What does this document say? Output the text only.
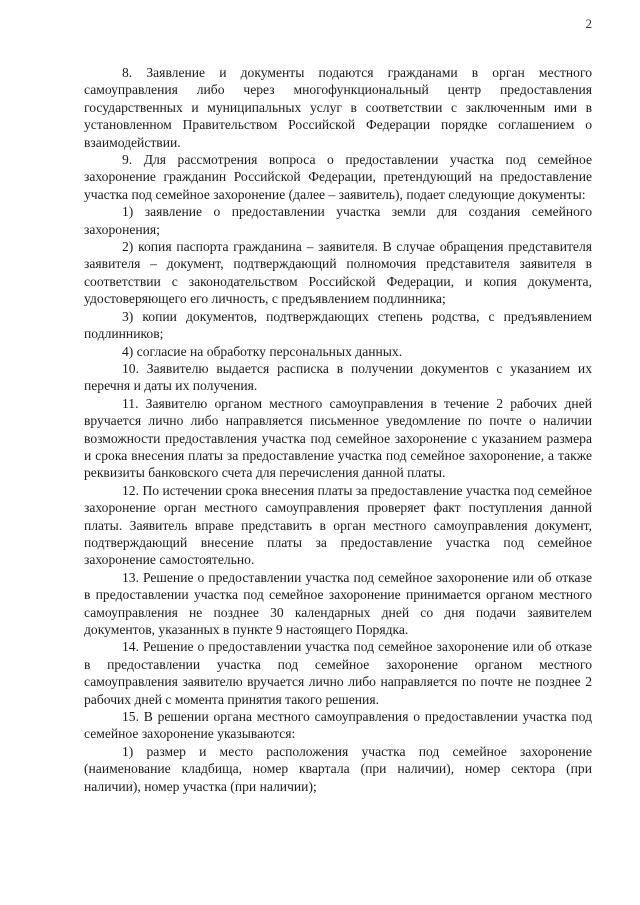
2

8. Заявление и документы подаются гражданами в орган местного самоуправления либо через многофункциональный центр предоставления государственных и муниципальных услуг в соответствии с заключенным ими в установленном Правительством Российской Федерации порядке соглашением о взаимодействии.

9. Для рассмотрения вопроса о предоставлении участка под семейное захоронение гражданин Российской Федерации, претендующий на предоставление участка под семейное захоронение (далее – заявитель), подает следующие документы:

1) заявление о предоставлении участка земли для создания семейного захоронения;

2) копия паспорта гражданина – заявителя. В случае обращения представителя заявителя – документ, подтверждающий полномочия представителя заявителя в соответствии с законодательством Российской Федерации, и копия документа, удостоверяющего его личность, с предъявлением подлинника;

3) копии документов, подтверждающих степень родства, с предъявлением подлинников;

4) согласие на обработку персональных данных.

10. Заявителю выдается расписка в получении документов с указанием их перечня и даты их получения.

11. Заявителю органом местного самоуправления в течение 2 рабочих дней вручается лично либо направляется письменное уведомление по почте о наличии возможности предоставления участка под семейное захоронение с указанием размера и срока внесения платы за предоставление участка под семейное захоронение, а также реквизиты банковского счета для перечисления данной платы.

12. По истечении срока внесения платы за предоставление участка под семейное захоронение орган местного самоуправления проверяет факт поступления данной платы. Заявитель вправе представить в орган местного самоуправления документ, подтверждающий внесение платы за предоставление участка под семейное захоронение самостоятельно.

13. Решение о предоставлении участка под семейное захоронение или об отказе в предоставлении участка под семейное захоронение принимается органом местного самоуправления не позднее 30 календарных дней со дня подачи заявителем документов, указанных в пункте 9 настоящего Порядка.

14. Решение о предоставлении участка под семейное захоронение или об отказе в предоставлении участка под семейное захоронение органом местного самоуправления заявителю вручается лично либо направляется по почте не позднее 2 рабочих дней с момента принятия такого решения.

15. В решении органа местного самоуправления о предоставлении участка под семейное захоронение указываются:

1) размер и место расположения участка под семейное захоронение (наименование кладбища, номер квартала (при наличии), номер сектора (при наличии), номер участка (при наличии);
